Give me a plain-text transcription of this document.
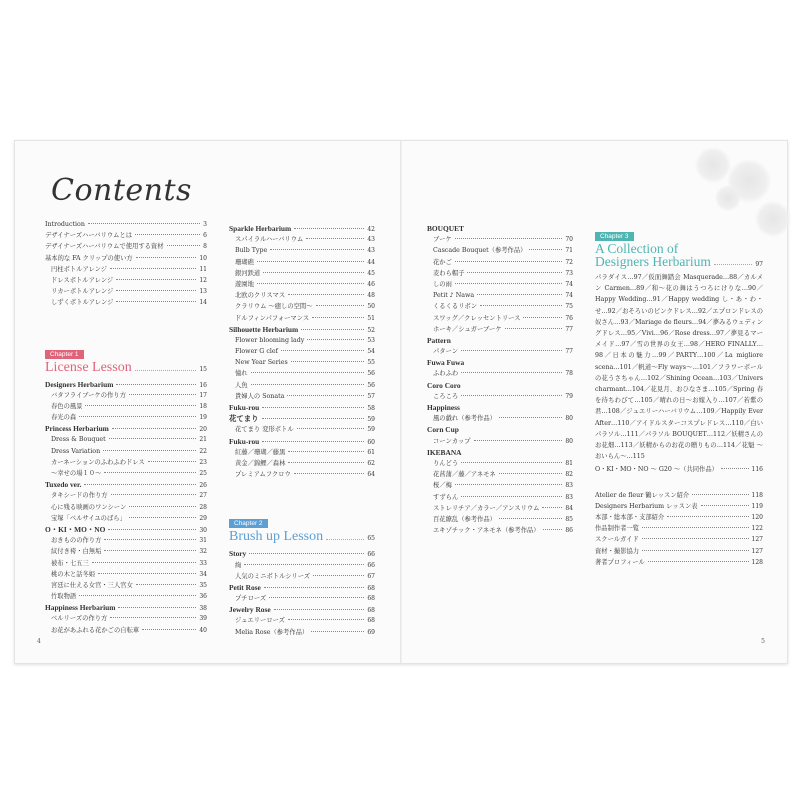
Contents
Introduction	3
デザイナーズハーバリウムとは	6
デザイナーズハーバリウムで使用する資材	8
基本的な FA クリップの使い方	10
円柱ボトルアレンジ	11
ドレスボトルアレンジ	12
リカーボトルアレンジ	13
しずくボトルアレンジ	14
Chapter 1
License Lesson	15
Designers Herbarium	16
バタフライブーケの作り方	17
春色の風景	18
春光の森	19
Princess Herbarium	20
Dress & Bouquet	21
Dress Variation	22
カーネーションのふわふわドレス	23
～幸せの場１０～	25
Tuxedo ver.	26
タキシードの作り方	27
心に残る映画のワンシーン	28
宝塚「ベルサイユのばら」	29
O・KI・MO・NO	30
おきものの作り方	31
紋付き袴・白無垢	32
被布・七五三	33
桃の木と話冬姫	34
宮廷に仕える女官・三人官女	35
竹取物語	36
Happiness Herbarium	38
ベルリーズの作り方	39
お花があふれる花かごの自転車	40
Sparkle Herbarium	42
スパイラルハーバリウム	43
Bulb Type	43
珊瑚礁	44
銀河鉄道	45
遊園地	46
北欧のクリスマス	48
クラリウム ～癒しの空間～	50
ドルフィンパフォーマンス	51
Silhouette Herbarium	52
Flower blooming lady	53
Flower G clef	54
New Year Series	55
憧れ	56
人魚	56
貴婦人の Sonata	57
Fuku-rou	58
花てまり	59
花てまり 変形ボトル	59
Fuku-rou	60
紅藤／珊瑚／藤黒	61
黄金／錦鯉／森林	62
プレミアムフクロウ	64
Chapter 2
Brush up Lesson	65
Story	66
絢	66
人気のミニボトルシリーズ	67
Petit Rose	68
プチローズ	68
Jewelry Rose	68
ジュエリーローズ	68
Melia Rose（参考作品）	69
BOUQUET
ブーケ	70
Cascade Bouquet（参考作品）	71
花かご	72
麦わら帽子	73
しの雨	74
Petit ♪ Nawa	74
くるくるリボン	75
スワッグ／クレッセントリース	76
ホーキ／シュガーブーケ	77
Pattern
パターン	77
Fuwa Fuwa
ふわふわ	78
Coro Coro
ころころ	79
Happiness
風の戯れ（参考作品）	80
Corn Cup
コーンカップ	80
IKEBANA
りんどう	81
花菖蒲／藤／アネモネ	82
桜／梅	83
すずらん	83
ストレリチア／カラー／アンスリウム	84
百花繚乱（参考作品）	85
エキゾチック・アネモネ（参考作品）	86
Chapter 3
A Collection of
Designers Herbarium	97
パラダイス…97／仮面舞踏会 Masquerade…88／カルメン Carmen…89／和～花の舞はうつろにけりな…90／Happy Wedding…91／Happy wedding し・あ・わ・せ…92／おそろいのピンクドレス…92／エプロンドレスの奴さん…93／Mariage de fleurs…94／夢みるウェディングドレス…95／Vivi…96／Rose dress…97／夢見るマーメイド…97／雪の世界の女王…98／HERO FINALLY…98／日本の魅力…99／PARTY…100／La migliore scena…101／帆道～Fly ways～…101／フラワーボールの花うさちゃん…102／Shining Ocean…103／Univers charmant…104／花見月、おひなさま…105／Spring 春を待ちわびて…105／晴れの日～お嫁入り…107／若紫の君…108／ジュエリーハーバリウム…109／Happily Ever After…110／アイドルスターコスプレドレス…110／白いパラソル…111／パラソル BOUQUET…112／妖精さんのお花畑…113／妖精からのお花の贈りもの…114／花魁 ～おいらん～…115
O・KI・MO・NO ～ G20 ～（共同作品）	116
Atelier de fleur 鶴レッスン紹介	118
Designers Herbarium レッスン表	119
本部・総本部・支部紹介	120
作品制作者一覧	122
スクールガイド	127
資材・撮影協力	127
著者プロフィール	128
4	5
